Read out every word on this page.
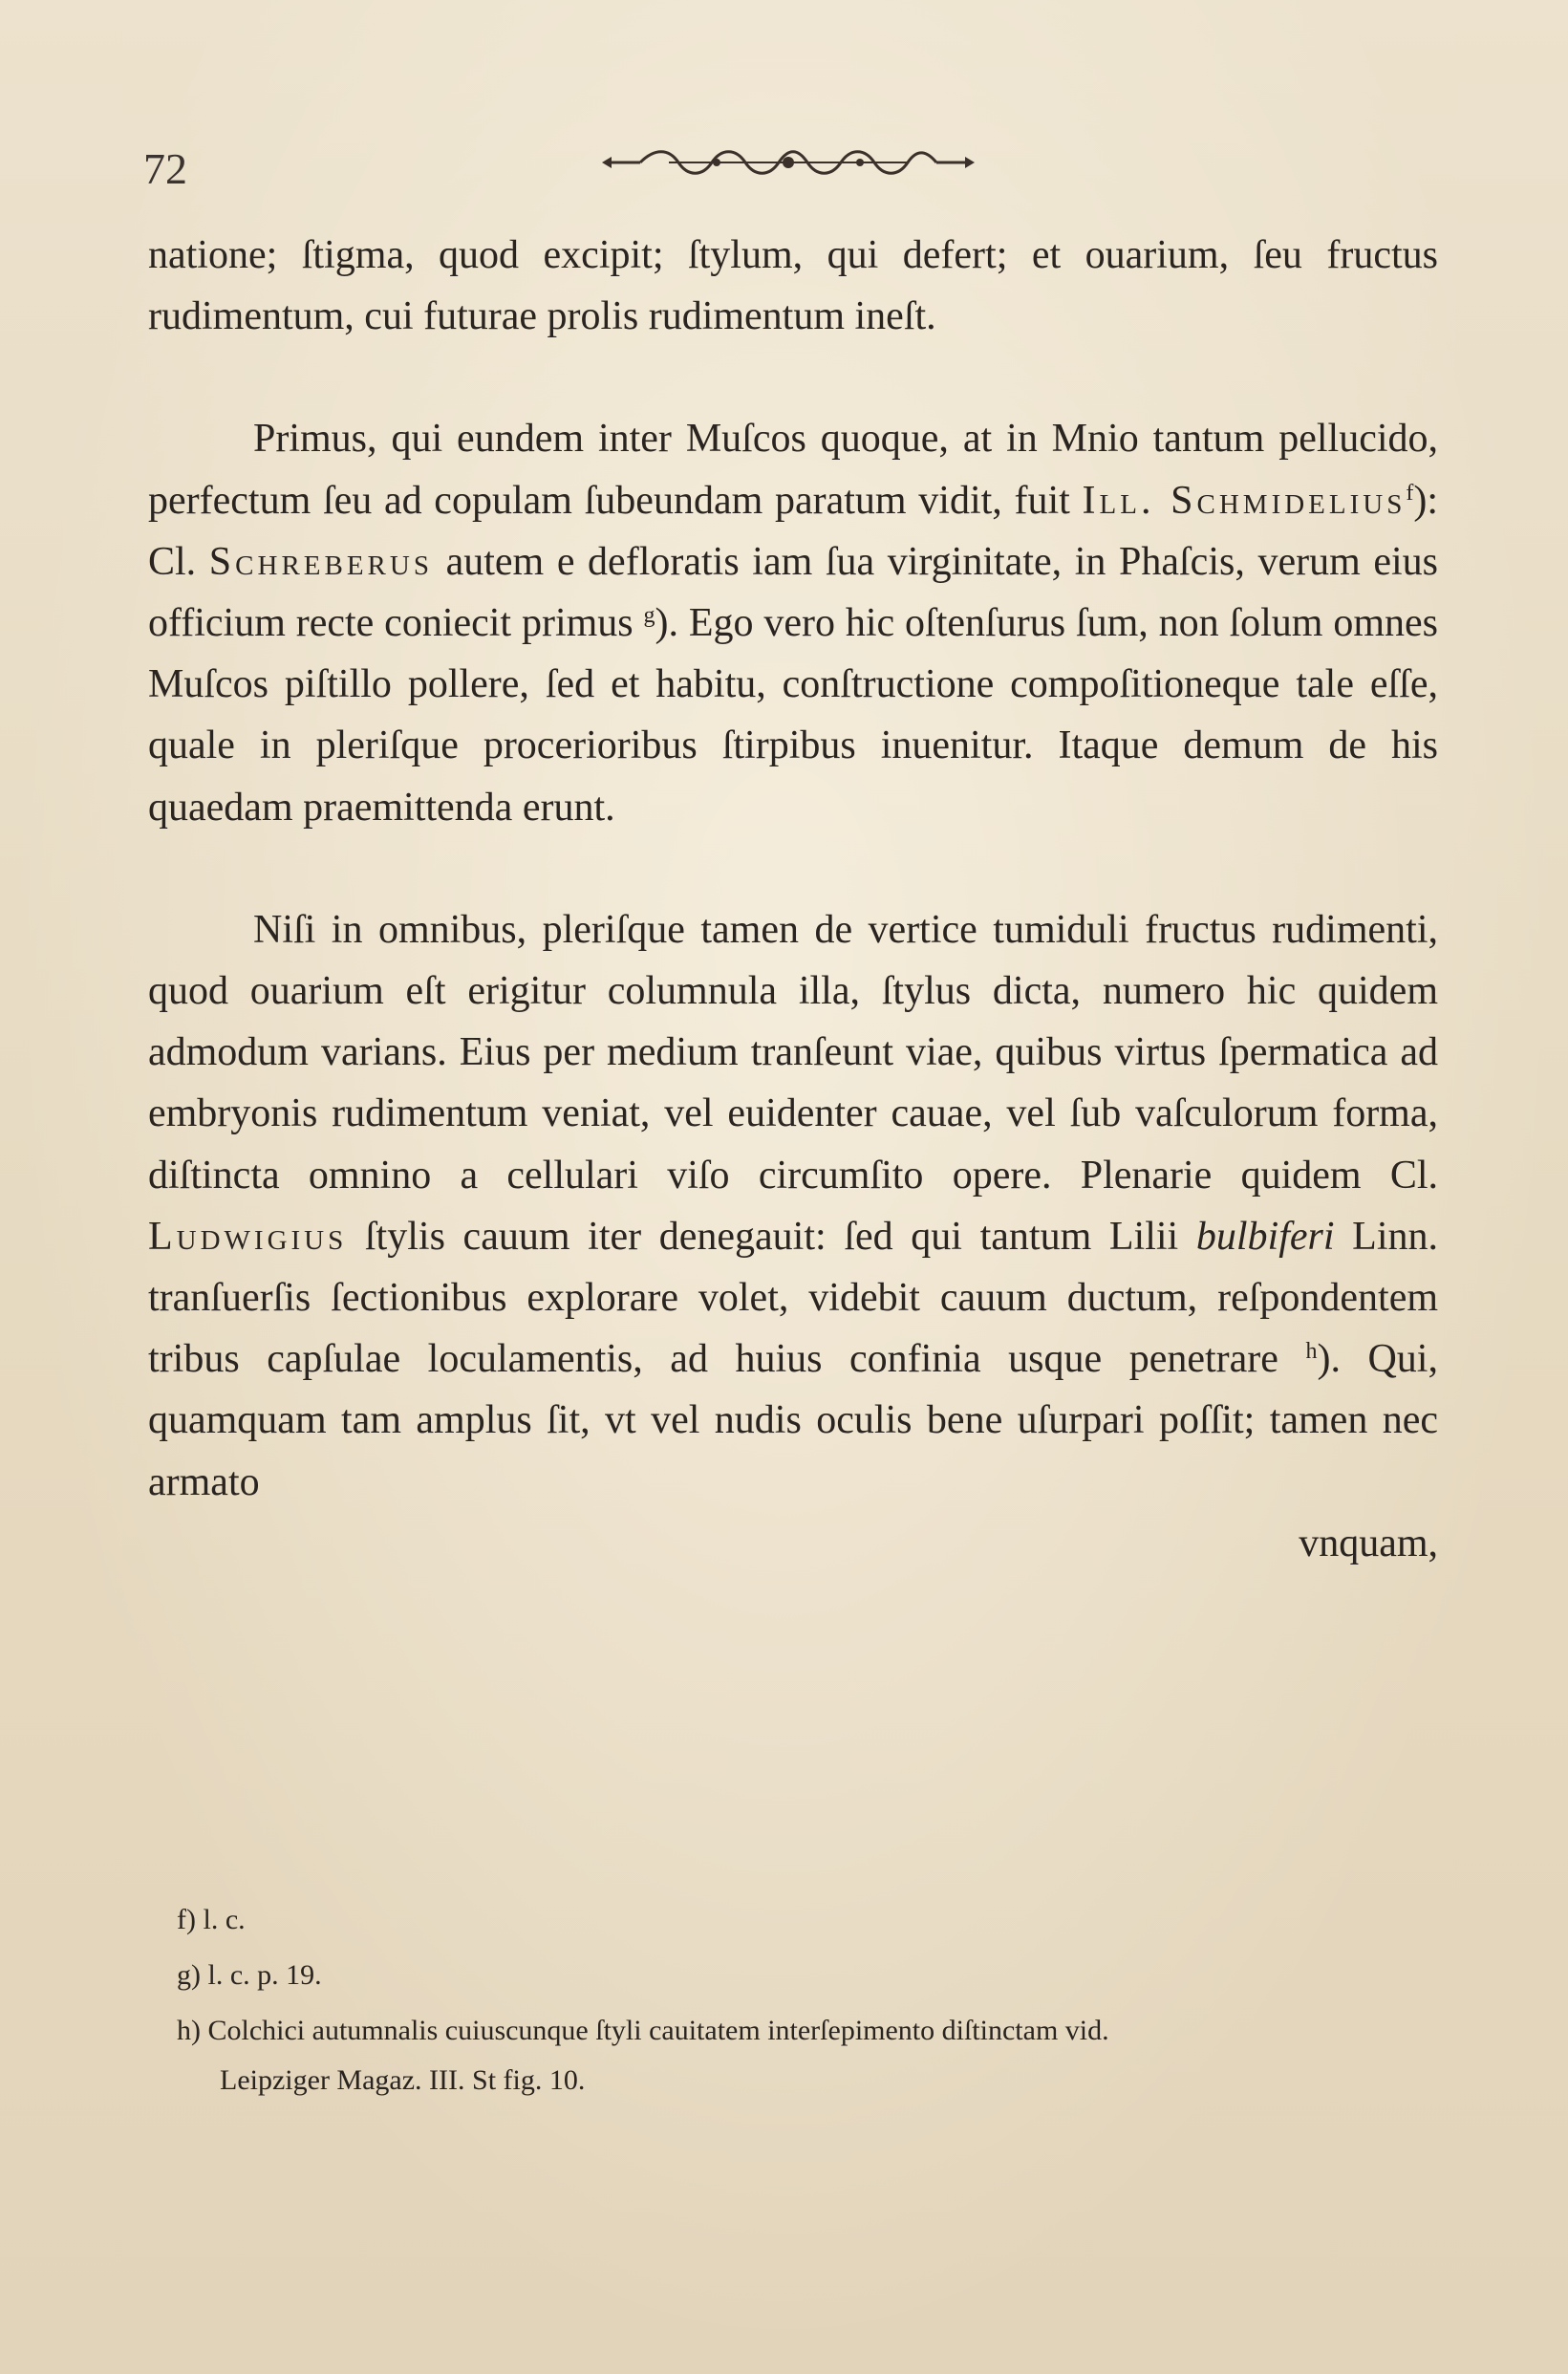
72

natione; ſtigma, quod excipit; ſtylum, qui defert; et ouarium, ſeu fructus rudimentum, cui futurae prolis rudimentum ineſt.

Primus, qui eundem inter Muſcos quoque, at in Mnio tantum pellucido, perfectum ſeu ad copulam ſubeundam paratum vidit, fuit Ill. Schmidelius$^f$): Cl. Schreberus autem e defloratis iam ſua virginitate, in Phaſcis, verum eius officium recte coniecit primus $^g$). Ego vero hic oſtenſurus ſum, non ſolum omnes Muſcos piſtillo pollere, ſed et habitu, conſtructione compoſitioneque tale eſſe, quale in pleriſque procerioribus ſtirpibus inuenitur. Itaque demum de his quaedam praemittenda erunt.

Niſi in omnibus, pleriſque tamen de vertice tumiduli fructus rudimenti, quod ouarium eſt erigitur columnula illa, ſtylus dicta, numero hic quidem admodum varians. Eius per medium tranſeunt viae, quibus virtus ſpermatica ad embryonis rudimentum veniat, vel euidenter cauae, vel ſub vaſculorum forma, diſtincta omnino a cellulari viſo circumſito opere. Plenarie quidem Cl. Ludwigius ſtylis cauum iter denegauit: ſed qui tantum Lilii bulbiferi Linn. tranſuerſis ſectionibus explorare volet, videbit cauum ductum, reſpondentem tribus capſulae loculamentis, ad huius confinia usque penetrare $^h$). Qui, quamquam tam amplus ſit, vt vel nudis oculis bene uſurpari poſſit; tamen nec armato

vnquam,

f) l. c.

g) l. c. p. 19.

h) Colchici autumnalis cuiuscunque ſtyli cauitatem interſepimento diſtinctam vid.

Leipziger Magaz. III. St fig. 10.
